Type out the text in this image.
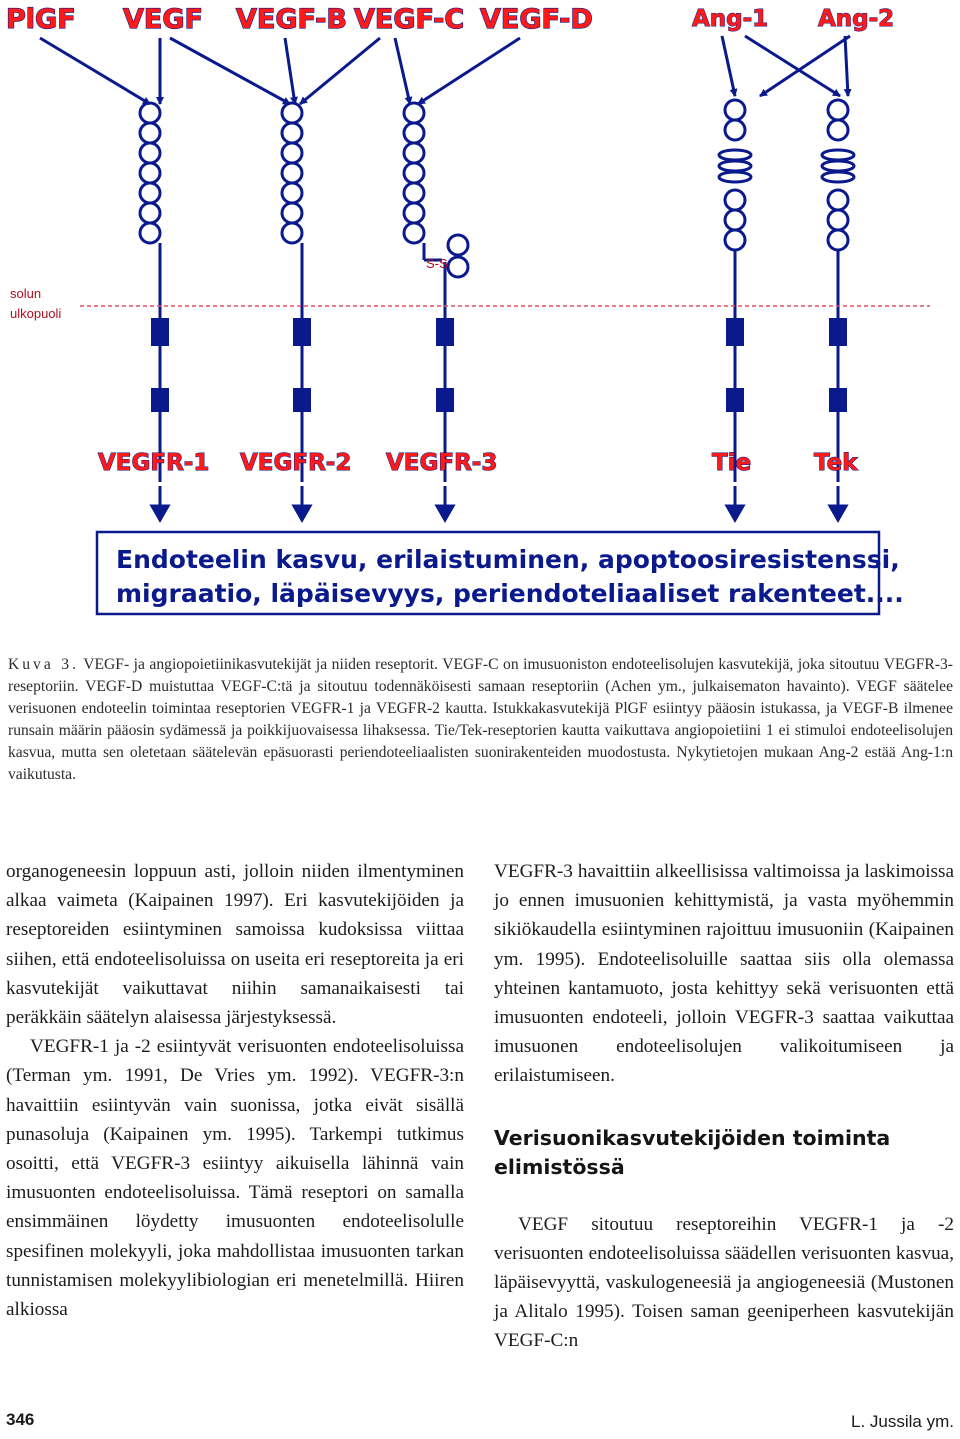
PlGF VEGF VEGF-B VEGF-C VEGF-D	Ang-1 Ang-2
S-S
solun
ulkopuoli
VEGFR-1 VEGFR-2 VEGFR-3	Tie	Tek
Endoteelin kasvu, erilaistuminen, apoptoosiresistenssi,
migraatio, läpäisevyys, periendoteliaaliset rakenteet....
Kuva 3. VEGF- ja angiopoietiinikasvutekijät ja niiden reseptorit. VEGF-C on imusuoniston endoteelisolujen kasvutekijä, joka sitoutuu VEGFR-3-reseptoriin. VEGF-D muistuttaa VEGF-C:tä ja sitoutuu todennäköisesti samaan reseptoriin (Achen ym., julkaisematon havainto). VEGF säätelee verisuonen endoteelin toimintaa reseptorien VEGFR-1 ja VEGFR-2 kautta. Istukkakasvutekijä PlGF esiintyy pääosin istukassa, ja VEGF-B ilmenee runsain määrin pääosin sydämessä ja poikkijuovaisessa lihaksessa. Tie/Tek-reseptorien kautta vaikuttava angiopoietiini 1 ei stimuloi endoteelisolujen kasvua, mutta sen oletetaan säätelevän epäsuorasti periendoteeliaalisten suonirakenteiden muodostusta. Nykytietojen mukaan Ang-2 estää Ang-1:n vaikutusta.

organogeneesin loppuun asti, jolloin niiden ilmentyminen alkaa vaimeta (Kaipainen 1997). Eri kasvutekijöiden ja reseptoreiden esiintyminen samoissa kudoksissa viittaa siihen, että endoteelisoluissa on useita eri reseptoreita ja eri kasvutekijät vaikuttavat niihin samanaikaisesti tai peräkkäin säätelyn alaisessa järjestyksessä.

VEGFR-1 ja -2 esiintyvät verisuonten endoteelisoluissa (Terman ym. 1991, De Vries ym. 1992). VEGFR-3:n havaittiin esiintyvän vain suonissa, jotka eivät sisällä punasoluja (Kaipainen ym. 1995). Tarkempi tutkimus osoitti, että VEGFR-3 esiintyy aikuisella lähinnä vain imusuonten endoteelisoluissa. Tämä reseptori on samalla ensimmäinen löydetty imusuonten endoteelisolulle spesifinen molekyyli, joka mahdollistaa imusuonten tarkan tunnistamisen molekyylibiologian eri menetelmillä. Hiiren alkiossa

VEGFR-3 havaittiin alkeellisissa valtimoissa ja laskimoissa jo ennen imusuonien kehittymistä, ja vasta myöhemmin sikiökaudella esiintyminen rajoittuu imusuoniin (Kaipainen ym. 1995). Endoteelisoluille saattaa siis olla olemassa yhteinen kantamuoto, josta kehittyy sekä verisuonten että imusuonten endoteeli, jolloin VEGFR-3 saattaa vaikuttaa imusuonen endoteelisolujen valikoitumiseen ja erilaistumiseen.

Verisuonikasvutekijöiden toiminta elimistössä

VEGF sitoutuu reseptoreihin VEGFR-1 ja -2 verisuonten endoteelisoluissa säädellen verisuonten kasvua, läpäisevyyttä, vaskulogeneesiä ja angiogeneesiä (Mustonen ja Alitalo 1995). Toisen saman geeniperheen kasvutekijän VEGF-C:n

346	L. Jussila ym.
